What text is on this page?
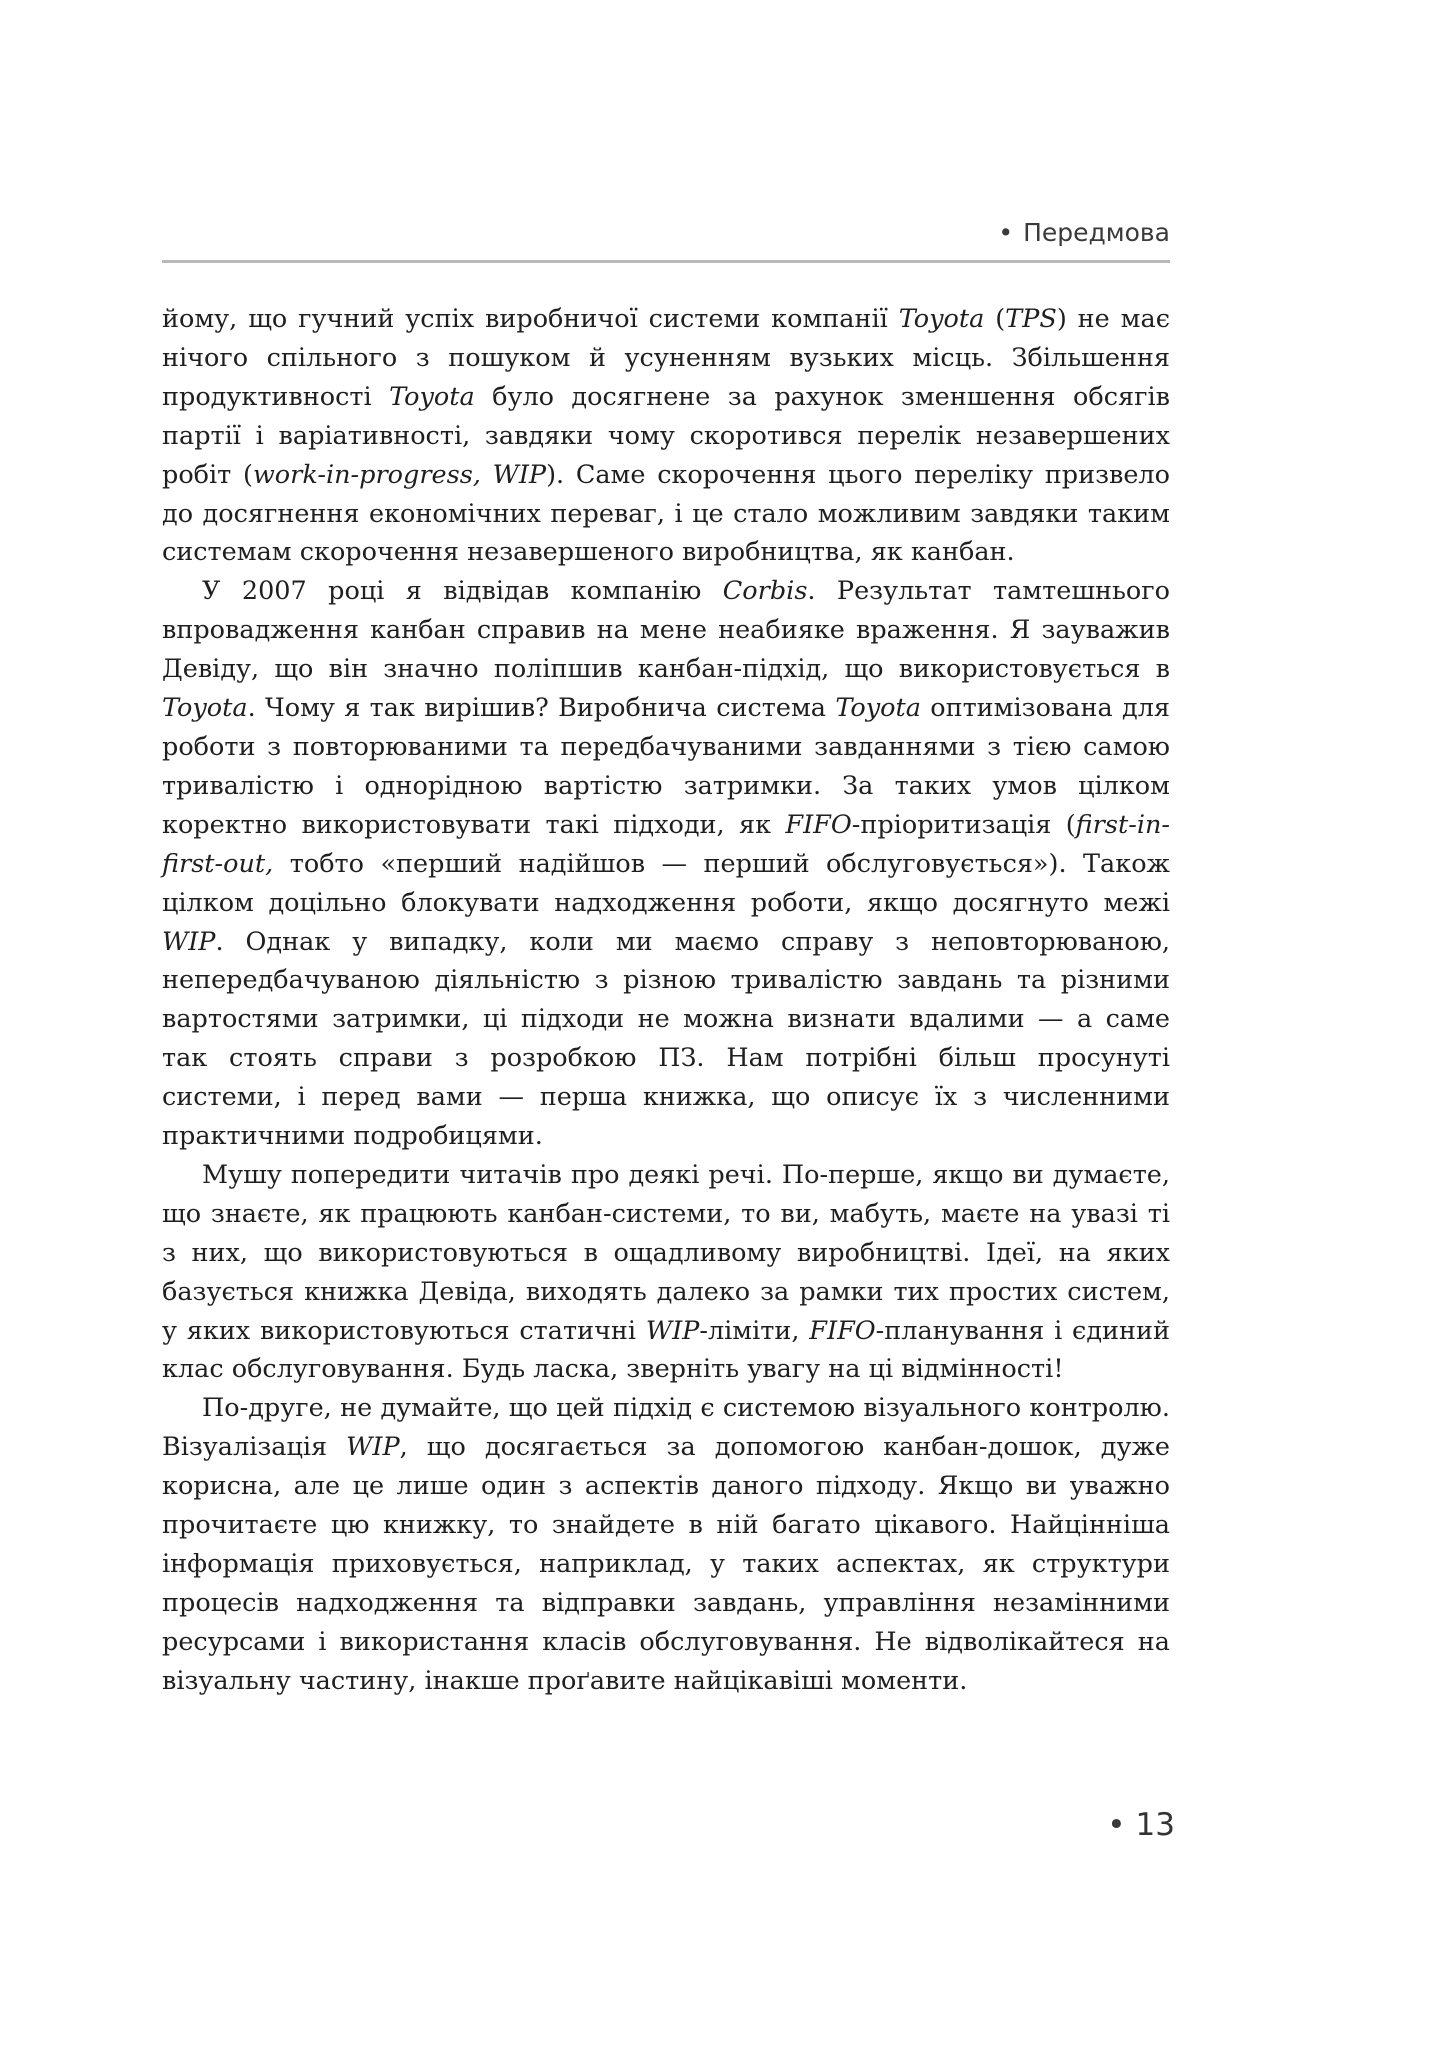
• Передмова

йому, що гучний успіх виробничої системи компанії Toyota (TPS) не має нічого спільного з пошуком й усуненням вузьких місць. Збільшення продуктивності Toyota було досягнене за рахунок зменшення обсягів партії і варіативності, завдяки чому скоротився перелік незавершених робіт (work-in-progress, WIP). Саме скорочення цього переліку призвело до досягнення економічних переваг, і це стало можливим завдяки таким системам скорочення незавершеного виробництва, як канбан.

У 2007 році я відвідав компанію Corbis. Результат тамтешнього впровадження канбан справив на мене неабияке враження. Я зауважив Девіду, що він значно поліпшив канбан-підхід, що використовується в Toyota. Чому я так вирішив? Виробнича система Toyota оптимізована для роботи з повторюваними та передбачуваними завданнями з тією самою тривалістю і однорідною вартістю затримки. За таких умов цілком коректно використовувати такі підходи, як FIFO-пріоритизація (first-in-first-out, тобто «перший надійшов — перший обслуговується»). Також цілком доцільно блокувати надходження роботи, якщо досягнуто межі WIP. Однак у випадку, коли ми маємо справу з неповторюваною, непередбачуваною діяльністю з різною тривалістю завдань та різними вартостями затримки, ці підходи не можна визнати вдалими — а саме так стоять справи з розробкою ПЗ. Нам потрібні більш просунуті системи, і перед вами — перша книжка, що описує їх з численними практичними подробицями.

Мушу попередити читачів про деякі речі. По-перше, якщо ви думаєте, що знаєте, як працюють канбан-системи, то ви, мабуть, маєте на увазі ті з них, що використовуються в ощадливому виробництві. Ідеї, на яких базується книжка Девіда, виходять далеко за рамки тих простих систем, у яких використовуються статичні WIP-ліміти, FIFO-планування і єдиний клас обслуговування. Будь ласка, зверніть увагу на ці відмінності!

По-друге, не думайте, що цей підхід є системою візуального контролю. Візуалізація WIP, що досягається за допомогою канбан-дошок, дуже корисна, але це лише один з аспектів даного підходу. Якщо ви уважно прочитаєте цю книжку, то знайдете в ній багато цікавого. Найцінніша інформація приховується, наприклад, у таких аспектах, як структури процесів надходження та відправки завдань, управління незамінними ресурсами і використання класів обслуговування. Не відволікайтеся на візуальну частину, інакше проґавите найцікавіші моменти.

• 13
